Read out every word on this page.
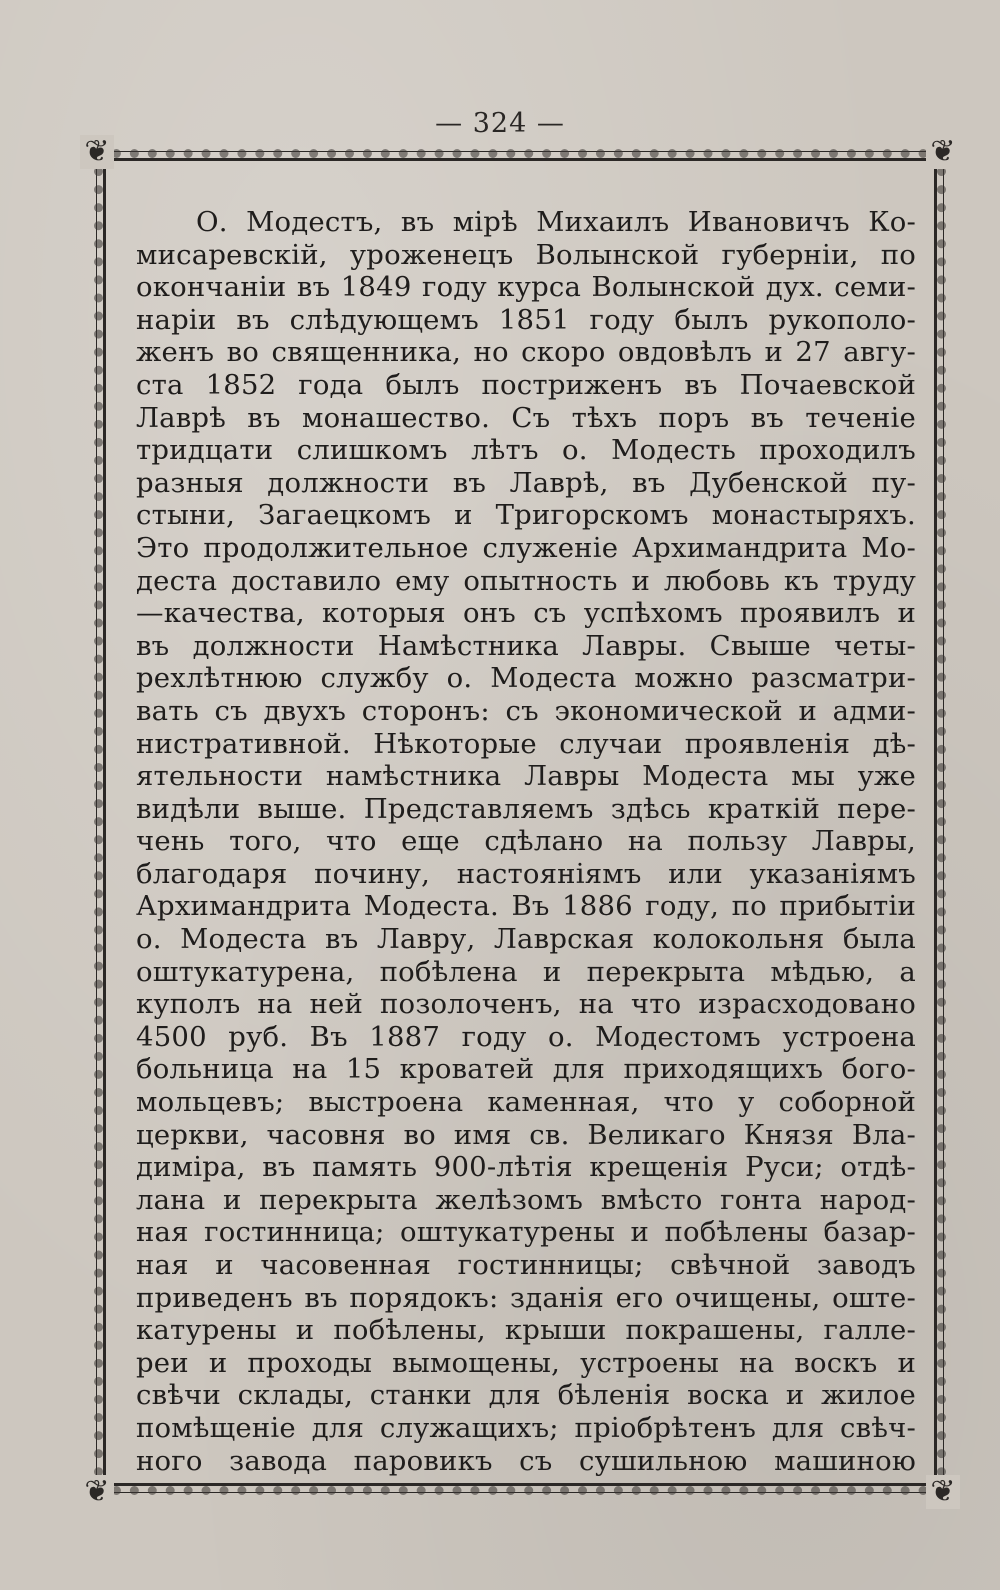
— 324 —
❦	❦
❦	❦
О. Модестъ, въ мірѣ Михаилъ Ивановичъ Ко-
мисаревскій, уроженецъ Волынской губерніи, по
окончаніи въ 1849 году курса Волынской дух. семи-
наріи въ слѣдующемъ 1851 году былъ рукополо-
женъ во священника, но скоро овдовѣлъ и 27 авгу-
ста 1852 года былъ постриженъ въ Почаевской
Лаврѣ въ монашество. Съ тѣхъ поръ въ теченіе
тридцати слишкомъ лѣтъ о. Модесть проходилъ
разныя должности въ Лаврѣ, въ Дубенской пу-
стыни, Загаецкомъ и Тригорскомъ монастыряхъ.
Это продолжительное служеніе Архимандрита Мо-
деста доставило ему опытность и любовь къ труду
—качества, которыя онъ съ успѣхомъ проявилъ и
въ должности Намѣстника Лавры. Свыше четы-
рехлѣтнюю службу о. Модеста можно разсматри-
вать съ двухъ сторонъ: съ экономической и адми-
нистративной. Нѣкоторые случаи проявленія дѣ-
ятельности намѣстника Лавры Модеста мы уже
видѣли выше. Представляемъ здѣсь краткій пере-
чень того, что еще сдѣлано на пользу Лавры,
благодаря почину, настояніямъ или указаніямъ
Архимандрита Модеста. Въ 1886 году, по прибытіи
о. Модеста въ Лавру, Лаврская колокольня была
оштукатурена, побѣлена и перекрыта мѣдью, а
куполъ на ней позолоченъ, на что израсходовано
4500 руб. Въ 1887 году о. Модестомъ устроена
больница на 15 кроватей для приходящихъ бого-
мольцевъ; выстроена каменная, что у соборной
церкви, часовня во имя св. Великаго Князя Вла-
диміра, въ память 900-лѣтія крещенія Руси; отдѣ-
лана и перекрыта желѣзомъ вмѣсто гонта народ-
ная гостинница; оштукатурены и побѣлены базар-
ная и часовенная гостинницы; свѣчной заводъ
приведенъ въ порядокъ: зданія его очищены, оште-
катурены и побѣлены, крыши покрашены, галле-
реи и проходы вымощены, устроены на воскъ и
свѣчи склады, станки для бѣленія воска и жилое
помѣщеніе для служащихъ; пріобрѣтенъ для свѣч-
ного завода паровикъ съ сушильною машиною
